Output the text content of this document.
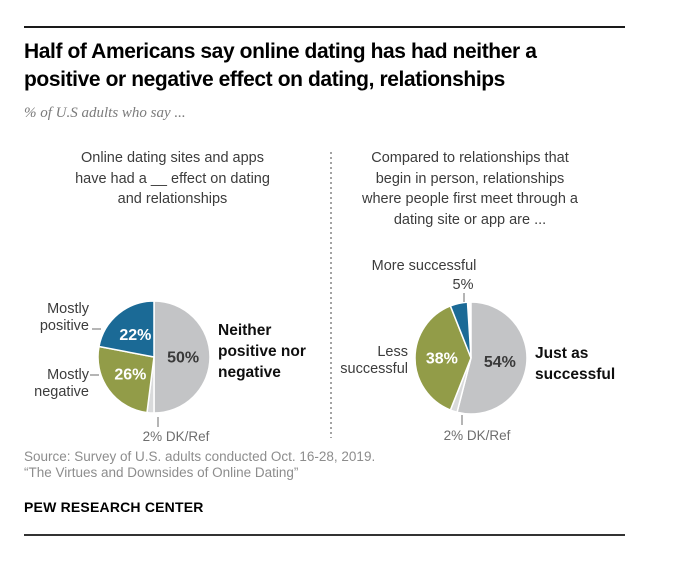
Half of Americans say online dating has had neither a
positive or negative effect on dating, relationships
% of U.S adults who say ...
Online dating sites and apps
have had a __ effect on dating
and relationships
Compared to relationships that
begin in person, relationships
where people first meet through a
dating site or app are ...
50%
26%
22%
Mostly positive
Mostly negative
Neither positive nor negative
2% DK/Ref
54%
38%
More successful
5%
Less successful
Just as successful
2% DK/Ref
Source: Survey of U.S. adults conducted Oct. 16-28, 2019.
“The Virtues and Downsides of Online Dating”
PEW RESEARCH CENTER
